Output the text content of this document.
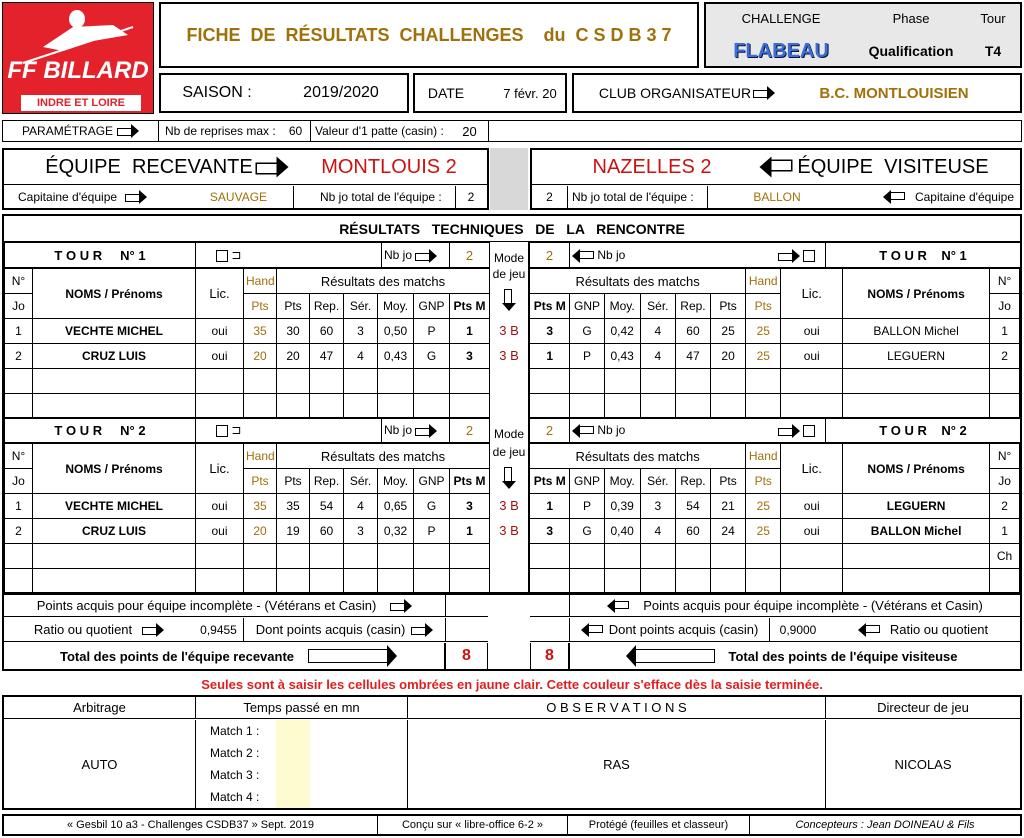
FF BILLARD
INDRE ET LOIRE
FICHE  DE  RÉSULTATS  CHALLENGES    du  C S D B 3 7
CHALLENGE	Phase	Tour
FLABEAU	Qualification	T4
SAISON :	2019/2020	DATE	7 févr. 20	CLUB ORGANISATEUR	B.C. MONTLOUISIEN
PARAMÉTRAGE	Nb de reprises max :	60	Valeur d'1 patte (casin) :	20
ÉQUIPE  RECEVANTE	MONTLOUIS 2
Capitaine d'équipe	SAUVAGE	Nb jo total de l'équipe :	2
NAZELLES 2	ÉQUIPE  VISITEUSE
2	Nb jo total de l'équipe :	BALLON	Capitaine d'équipe
RÉSULTATS   TECHNIQUES   DE   LA   RENCONTRE
Mode
de jeu
Mode
de jeu
T O U R     N° 1	⊐	Nb jo	2	2	Nb jo	T O U R    N° 1
N°	NOMS / Prénoms	Lic.	Hand	Résultats des matchs					
Jo			Pts	Pts	Rep.	Sér.	Moy.	GNP	Pts M
1	VECHTE MICHEL	oui	35	30	60	3	0,50	P	1
2	CRUZ LUIS	oui	20	20	47	4	0,43	G	3

Résultats des matchs						Hand	Lic.	NOMS / Prénoms	N°
Pts M	GNP	Moy.	Sér.	Rep.	Pts	Pts			Jo
3	G	0,42	4	60	25	25	oui	BALLON Michel	1
1	P	0,43	4	47	20	25	oui	LEGUERN	2

T O U R     N° 2	⊐	Nb jo	2	2	Nb jo	T O U R    N° 2
N°	NOMS / Prénoms	Lic.	Hand	Résultats des matchs					
Jo			Pts	Pts	Rep.	Sér.	Moy.	GNP	Pts M
1	VECHTE MICHEL	oui	35	35	54	4	0,65	G	3
2	CRUZ LUIS	oui	20	19	60	3	0,32	P	1

Résultats des matchs						Hand	Lic.	NOMS / Prénoms	N°
Pts M	GNP	Moy.	Sér.	Rep.	Pts	Pts			Jo
1	P	0,39	3	54	21	25	oui	LEGUERN	2
3	G	0,40	4	60	24	25	oui	BALLON Michel	1
									Ch

Points acquis pour équipe incomplète - (Vétérans et Casin)	Points acquis pour équipe incomplète - (Vétérans et Casin)
Ratio ou quotient	0,9455	Dont points acquis (casin)	Dont points acquis (casin)	0,9000	Ratio ou quotient
Total des points de l'équipe recevante	8	8	Total des points de l'équipe visiteuse
Seules sont à saisir les cellules ombrées en jaune clair. Cette couleur s'efface dès la saisie terminée.
Arbitrage	Temps passé en mn	O B S E R V A T I O N S	Directeur de jeu
AUTO
Match 1 :
Match 2 :
Match 3 :
Match 4 :
RAS	NICOLAS
« Gesbil 10 a3 - Challenges CSDB37 » Sept. 2019	Conçu sur « libre-office 6-2 »	Protégé (feuilles et classeur)	Concepteurs : Jean DOINEAU & Fils
3 B
3 B
3 B
3 B
